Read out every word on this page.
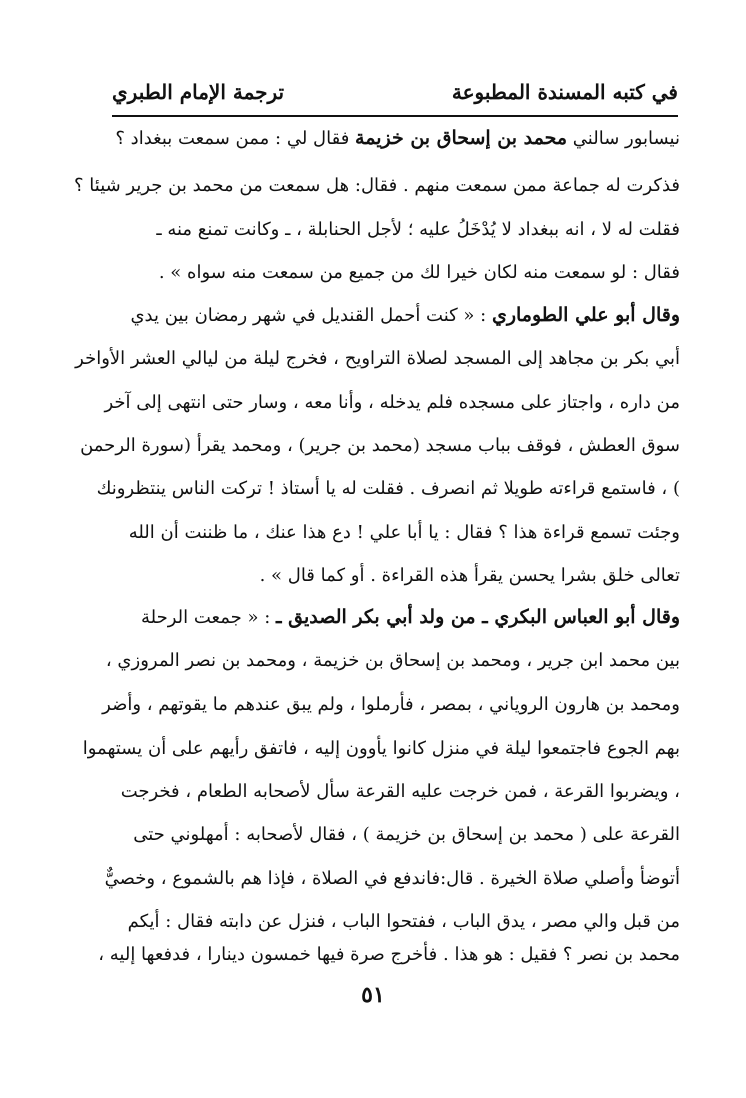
في كتبه المسندة المطبوعة
ترجمة الإمام الطبري
نيسابور سالني محمد بن إسحاق بن خزيمة فقال لي : ممن سمعت ببغداد ؟
فذكرت له جماعة ممن سمعت منهم . فقال: هل سمعت من محمد بن جرير شيئا ؟
فقلت له لا ، انه ببغداد لا يُدْخَلُ عليه ؛ لأجل الحنابلة ، ـ وكانت تمنع منه ـ
فقال : لو سمعت منه لكان خيرا لك من جميع من سمعت منه سواه » .
وقال أبو علي الطوماري : « كنت أحمل القنديل في شهر رمضان بين يدي
أبي بكر بن مجاهد إلى المسجد لصلاة التراويح ، فخرج ليلة من ليالي العشر الأواخر
من داره ، واجتاز على مسجده فلم يدخله ، وأنا معه ، وسار حتى انتهى إلى آخر
سوق العطش ، فوقف بباب مسجد (محمد بن جرير) ، ومحمد يقرأ (سورة الرحمن
) ، فاستمع قراءته طويلا ثم انصرف . فقلت له يا أستاذ ! تركت الناس ينتظرونك
وجئت تسمع قراءة هذا ؟ فقال : يا أبا علي ! دع هذا عنك ، ما ظننت أن الله
تعالى خلق بشرا يحسن يقرأ هذه القراءة . أو كما قال » .
وقال أبو العباس البكري ـ من ولد أبي بكر الصديق ـ : « جمعت الرحلة
بين محمد ابن جرير ، ومحمد بن إسحاق بن خزيمة ، ومحمد بن نصر المروزي ،
ومحمد بن هارون الروياني ، بمصر ، فأرملوا ، ولم يبق عندهم ما يقوتهم ، وأضر
بهم الجوع فاجتمعوا ليلة في منزل كانوا يأوون إليه ، فاتفق رأيهم على أن يستهموا
، ويضربوا القرعة ، فمن خرجت عليه القرعة سأل لأصحابه الطعام ، فخرجت
القرعة على ( محمد بن إسحاق بن خزيمة ) ، فقال لأصحابه : أمهلوني حتى
أتوضأ وأصلي صلاة الخيرة . قال:فاندفع في الصلاة ، فإذا هم بالشموع ، وخصيٌّ
من قبل والي مصر ، يدق الباب ، ففتحوا الباب ، فنزل عن دابته فقال : أيكم
محمد بن نصر ؟ فقيل : هو هذا . فأخرج صرة فيها خمسون دينارا ، فدفعها إليه ،
٥١
